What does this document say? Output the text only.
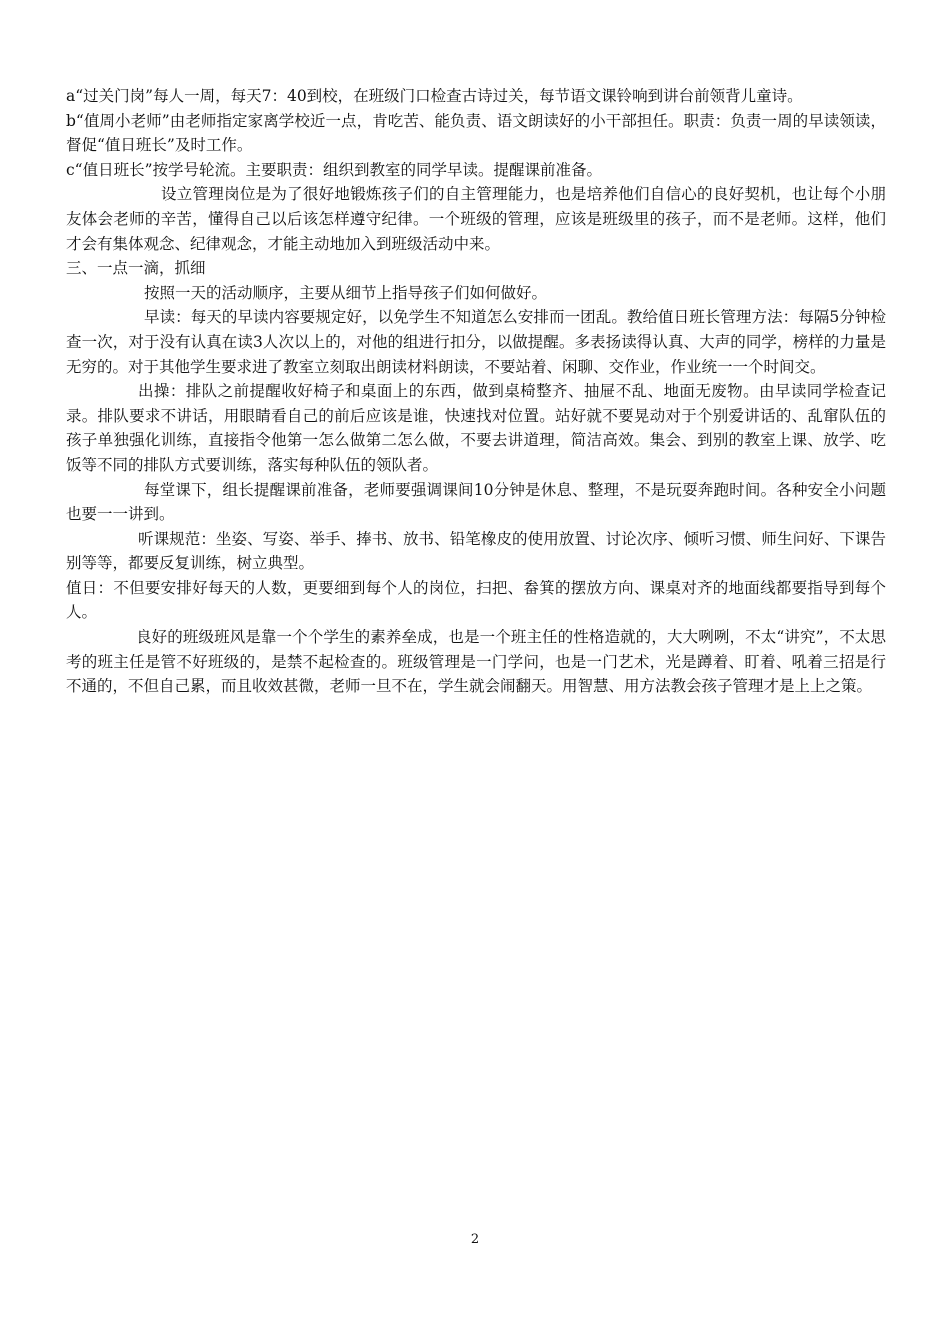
a“过关门岗”每人一周，每天7：40到校，在班级门口检查古诗过关，每节语文课铃响到讲台前领背儿童诗。

b“值周小老师”由老师指定家离学校近一点，肯吃苦、能负责、语文朗读好的小干部担任。职责：负责一周的早读领读，督促“值日班长”及时工作。

c“值日班长”按学号轮流。主要职责：组织到教室的同学早读。提醒课前准备。

设立管理岗位是为了很好地锻炼孩子们的自主管理能力，也是培养他们自信心的良好契机，也让每个小朋友体会老师的辛苦，懂得自己以后该怎样遵守纪律。一个班级的管理，应该是班级里的孩子，而不是老师。这样，他们才会有集体观念、纪律观念，才能主动地加入到班级活动中来。

三、一点一滴，抓细

按照一天的活动顺序，主要从细节上指导孩子们如何做好。

早读：每天的早读内容要规定好，以免学生不知道怎么安排而一团乱。教给值日班长管理方法：每隔5分钟检查一次，对于没有认真在读3人次以上的，对他的组进行扣分，以做提醒。多表扬读得认真、大声的同学，榜样的力量是无穷的。对于其他学生要求进了教室立刻取出朗读材料朗读，不要站着、闲聊、交作业，作业统一一个时间交。

出操：排队之前提醒收好椅子和桌面上的东西，做到桌椅整齐、抽屉不乱、地面无废物。由早读同学检查记录。排队要求不讲话，用眼睛看自己的前后应该是谁，快速找对位置。站好就不要晃动对于个别爱讲话的、乱窜队伍的孩子单独强化训练，直接指令他第一怎么做第二怎么做，不要去讲道理，简洁高效。集会、到别的教室上课、放学、吃饭等不同的排队方式要训练，落实每种队伍的领队者。

每堂课下，组长提醒课前准备，老师要强调课间10分钟是休息、整理，不是玩耍奔跑时间。各种安全小问题也要一一讲到。

听课规范：坐姿、写姿、举手、捧书、放书、铅笔橡皮的使用放置、讨论次序、倾听习惯、师生问好、下课告别等等，都要反复训练，树立典型。

值日：不但要安排好每天的人数，更要细到每个人的岗位，扫把、畚箕的摆放方向、课桌对齐的地面线都要指导到每个人。

良好的班级班风是靠一个个学生的素养垒成，也是一个班主任的性格造就的，大大咧咧，不太“讲究”，不太思考的班主任是管不好班级的，是禁不起检查的。班级管理是一门学问，也是一门艺术，光是蹲着、盯着、吼着三招是行不通的，不但自己累，而且收效甚微，老师一旦不在，学生就会闹翻天。用智慧、用方法教会孩子管理才是上上之策。

2
